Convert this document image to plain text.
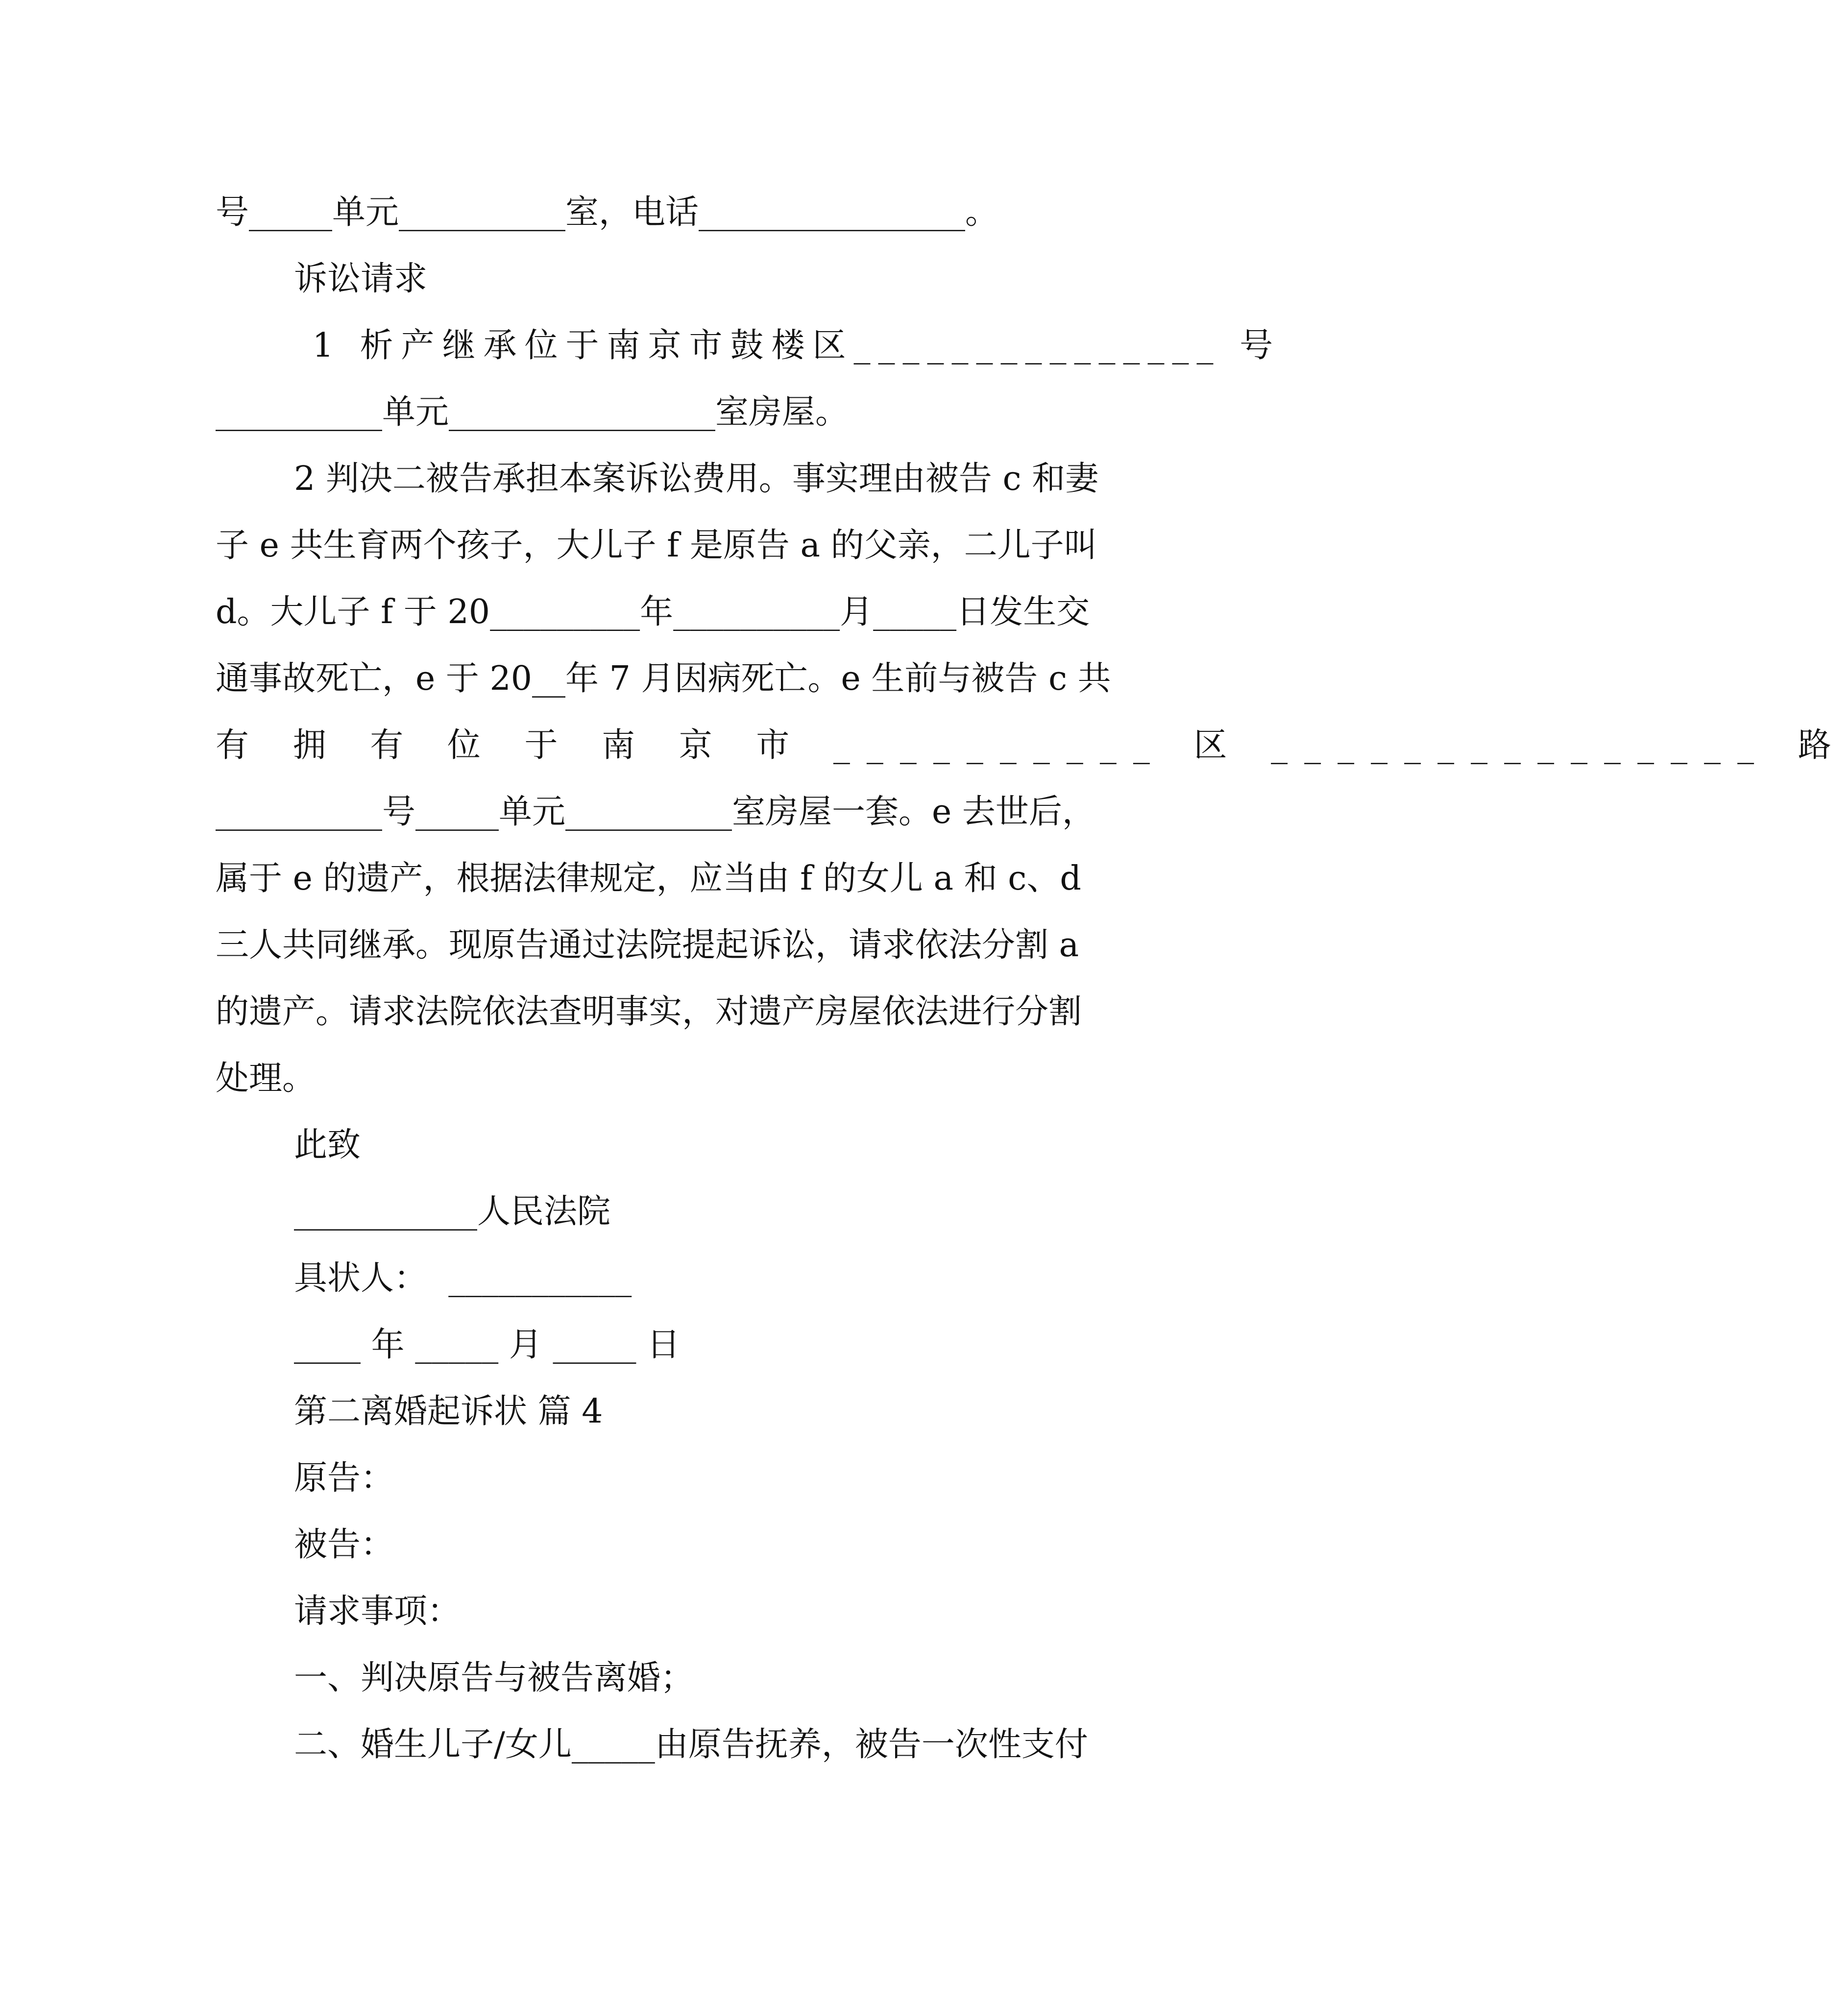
号_____单元__________室，电话________________。
诉讼请求
1 析产继承位于南京市鼓楼区_______________ 号
__________单元________________室房屋。
2 判决二被告承担本案诉讼费用。事实理由被告 c 和妻
子 e 共生育两个孩子，大儿子 f 是原告 a 的父亲，二儿子叫
d。大儿子 f 于 20_________年__________月_____日发生交
通事故死亡，e 于 20__年 7 月因病死亡。e 生前与被告 c 共
有 拥 有 位 于 南 京 市 __________ 区 _______________ 路
__________号_____单元__________室房屋一套。e 去世后，
属于 e 的遗产，根据法律规定，应当由 f 的女儿 a 和 c、d
三人共同继承。现原告通过法院提起诉讼，请求依法分割 a
的遗产。请求法院依法查明事实，对遗产房屋依法进行分割
处理。
此致
___________人民法院
具状人：  ___________
____ 年 _____ 月 _____ 日
第二离婚起诉状 篇 4
原告：
被告：
请求事项：
一、判决原告与被告离婚；
二、婚生儿子/女儿_____由原告抚养，被告一次性支付
